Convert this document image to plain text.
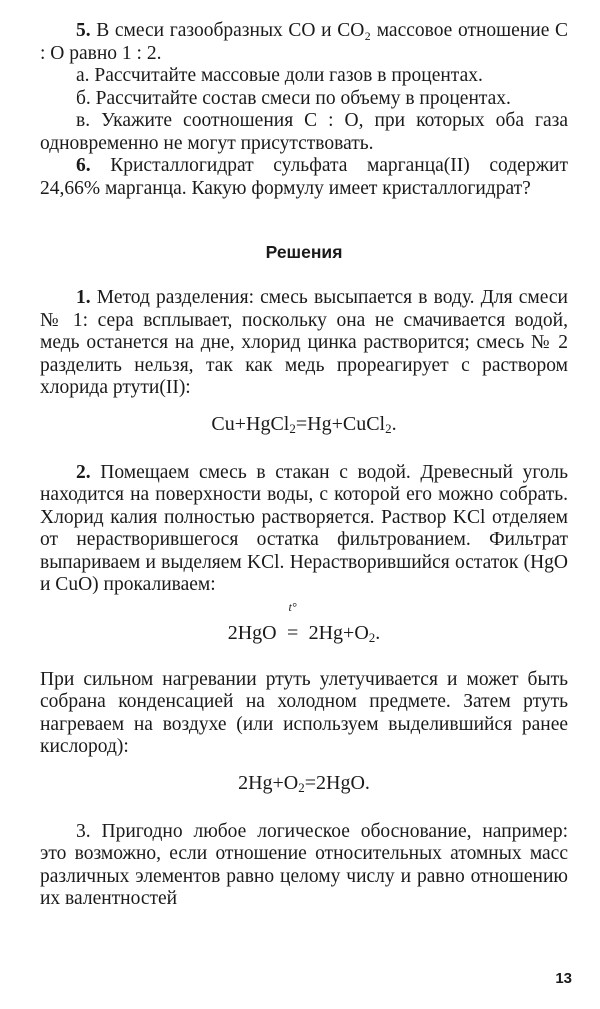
5. В смеси газообразных CO и CO₂ массовое отношение C : O равно 1 : 2.

а. Рассчитайте массовые доли газов в процентах.

б. Рассчитайте состав смеси по объему в процентах.

в. Укажите соотношения C : O, при которых оба газа одновременно не могут присутствовать.

6. Кристаллогидрат сульфата марганца(II) содержит 24,66% марганца. Какую формулу имеет кристаллогидрат?

Решения

1. Метод разделения: смесь высыпается в воду. Для смеси № 1: сера всплывает, поскольку она не смачивается водой, медь останется на дне, хлорид цинка растворится; смесь № 2 разделить нельзя, так как медь прореагирует с раствором хлорида ртути(II):

Cu+HgCl$_2$=Hg+CuCl$_2$.

2. Помещаем смесь в стакан с водой. Древесный уголь находится на поверхности воды, с которой его можно собрать. Хлорид калия полностью растворяется. Раствор KCl отделяем от нерастворившегося остатка фильтрованием. Фильтрат выпариваем и выделяем KCl. Нерастворившийся остаток (HgO и CuO) прокаливаем:

2HgO
t°
= $2Hg+O_2$.

При сильном нагревании ртуть улетучивается и может быть собрана конденсацией на холодном предмете. Затем ртуть нагреваем на воздухе (или используем выделившийся ранее кислород):

$2Hg+O_2=2HgO$.

3. Пригодно любое логическое обоснование, например: это возможно, если отношение относительных атомных масс различных элементов равно целому числу и равно отношению их валентностей

13
